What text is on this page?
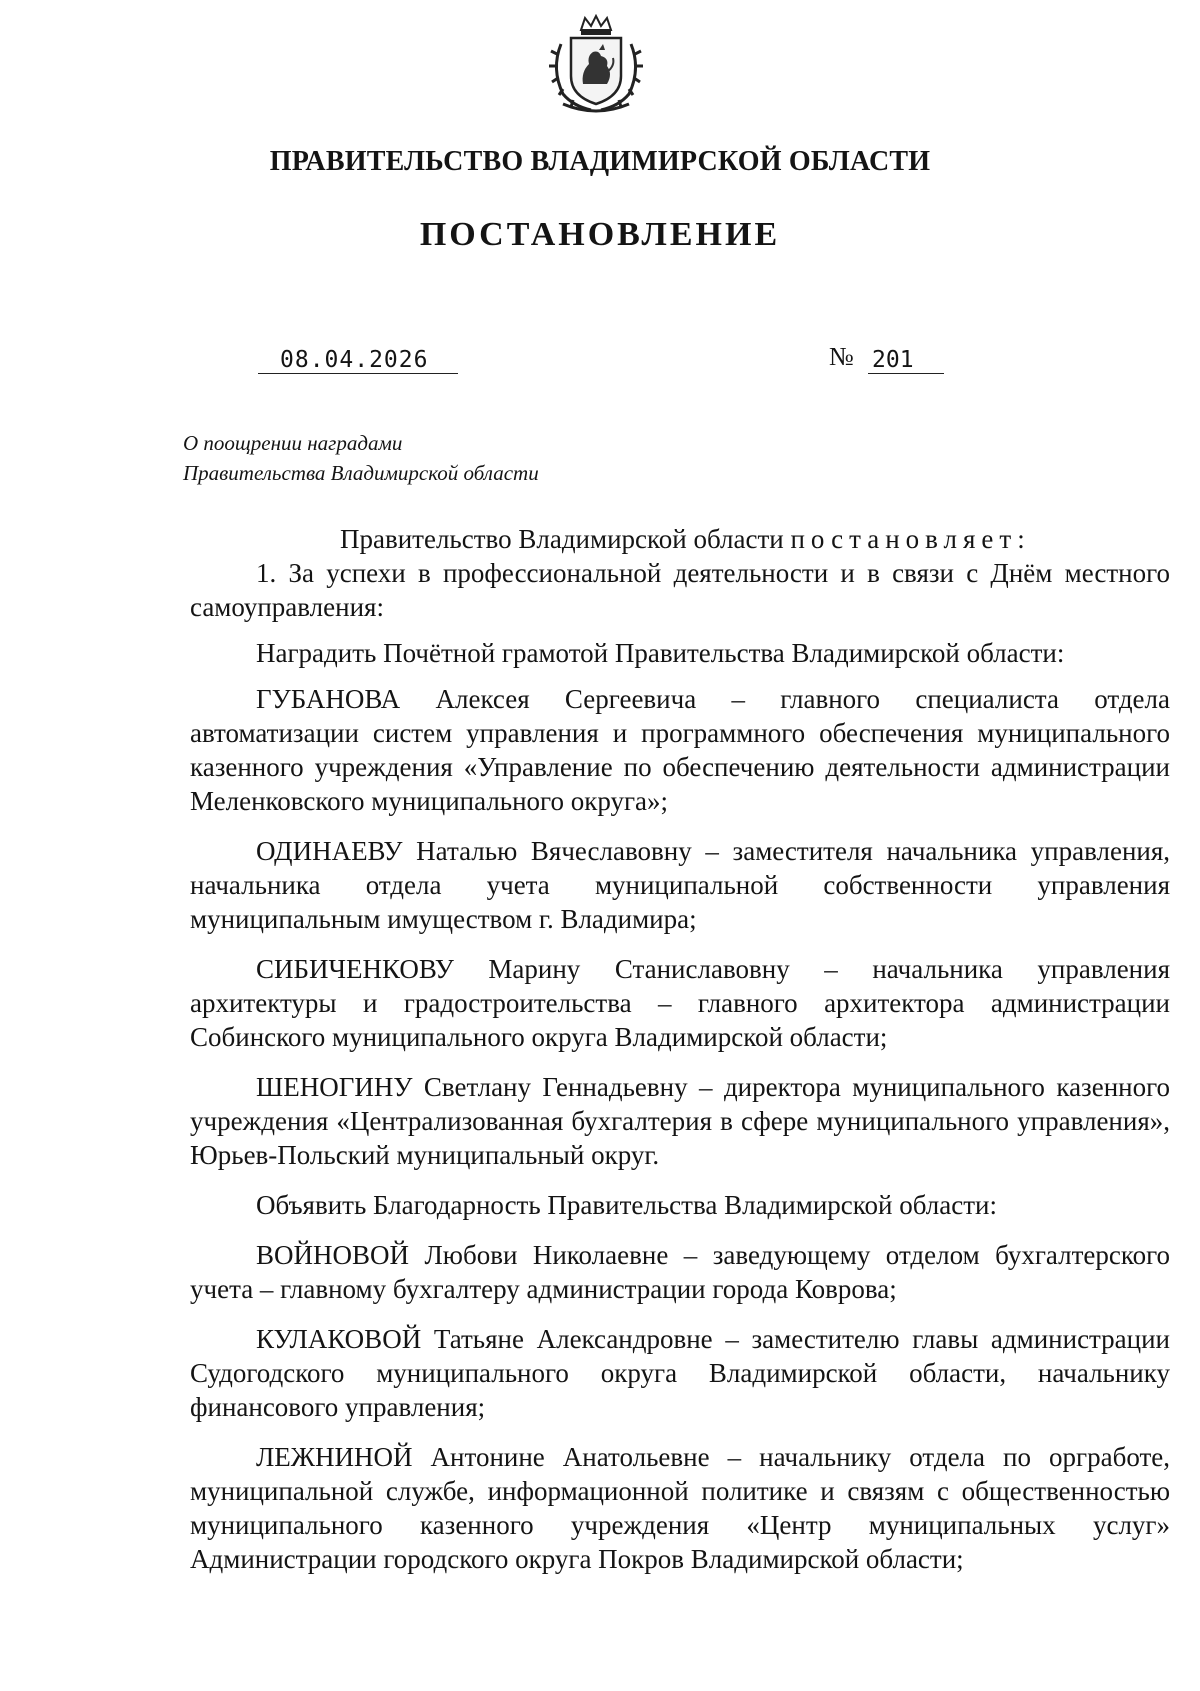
ПРАВИТЕЛЬСТВО ВЛАДИМИРСКОЙ ОБЛАСТИ
ПОСТАНОВЛЕНИЕ
08.04.2026	№ 201
О поощрении наградами
Правительства Владимирской области

Правительство Владимирской области постановляет:

1. За успехи в профессиональной деятельности и в связи с Днём местного самоуправления:

Наградить Почётной грамотой Правительства Владимирской области:

ГУБАНОВА Алексея Сергеевича – главного специалиста отдела автоматизации систем управления и программного обеспечения муниципального казенного учреждения «Управление по обеспечению деятельности администрации Меленковского муниципального округа»;

ОДИНАЕВУ Наталью Вячеславовну – заместителя начальника управления, начальника отдела учета муниципальной собственности управления муниципальным имуществом г. Владимира;

СИБИЧЕНКОВУ Марину Станиславовну – начальника управления архитектуры и градостроительства – главного архитектора администрации Собинского муниципального округа Владимирской области;

ШЕНОГИНУ Светлану Геннадьевну – директора муниципального казенного учреждения «Централизованная бухгалтерия в сфере муниципального управления», Юрьев-Польский муниципальный округ.

Объявить Благодарность Правительства Владимирской области:

ВОЙНОВОЙ Любови Николаевне – заведующему отделом бухгалтерского учета – главному бухгалтеру администрации города Коврова;

КУЛАКОВОЙ Татьяне Александровне – заместителю главы администрации Судогодского муниципального округа Владимирской области, начальнику финансового управления;

ЛЕЖНИНОЙ Антонине Анатольевне – начальнику отдела по оргработе, муниципальной службе, информационной политике и связям с общественностью муниципального казенного учреждения «Центр муниципальных услуг» Администрации городского округа Покров Владимирской области;
